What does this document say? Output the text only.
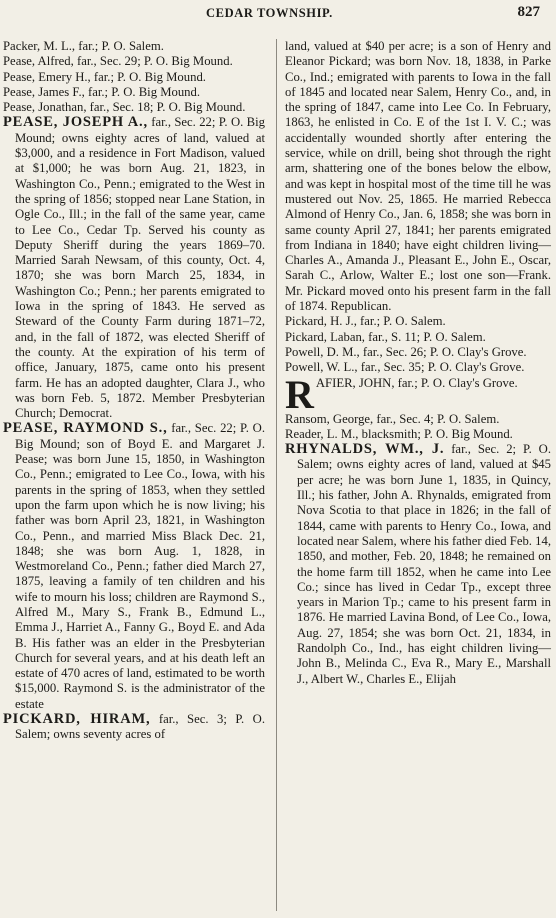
CEDAR TOWNSHIP.	827
Packer, M. L., far.; P. O. Salem.
Pease, Alfred, far., Sec. 29; P. O. Big Mound.
Pease, Emery H., far.; P. O. Big Mound.
Pease, James F., far.; P. O. Big Mound.
Pease, Jonathan, far., Sec. 18; P. O. Big Mound.
PEASE, JOSEPH A., far., Sec. 22; P. O. Big Mound; owns eighty acres of land, valued at $3,000, and a residence in Fort Madison, valued at $1,000; he was born Aug. 21, 1823, in Washington Co., Penn.; emigrated to the West in the spring of 1856; stopped near Lane Station, in Ogle Co., Ill.; in the fall of the same year, came to Lee Co., Cedar Tp. Served his county as Deputy Sheriff during the years 1869–70. Married Sarah Newsam, of this county, Oct. 4, 1870; she was born March 25, 1834, in Washington Co.; Penn.; her parents emigrated to Iowa in the spring of 1843. He served as Steward of the County Farm during 1871–72, and, in the fall of 1872, was elected Sheriff of the county. At the expiration of his term of office, January, 1875, came onto his present farm. He has an adopted daughter, Clara J., who was born Feb. 5, 1872. Member Presbyterian Church; Democrat.
PEASE, RAYMOND S., far., Sec. 22; P. O. Big Mound; son of Boyd E. and Margaret J. Pease; was born June 15, 1850, in Washington Co., Penn.; emigrated to Lee Co., Iowa, with his parents in the spring of 1853, when they settled upon the farm upon which he is now living; his father was born April 23, 1821, in Washington Co., Penn., and married Miss Black Dec. 21, 1848; she was born Aug. 1, 1828, in Westmoreland Co., Penn.; father died March 27, 1875, leaving a family of ten children and his wife to mourn his loss; children are Raymond S., Alfred M., Mary S., Frank B., Edmund L., Emma J., Harriet A., Fanny G., Boyd E. and Ada B. His father was an elder in the Presbyterian Church for several years, and at his death left an estate of 470 acres of land, estimated to be worth $15,000. Raymond S. is the administrator of the estate
PICKARD, HIRAM, far., Sec. 3; P. O. Salem; owns seventy acres of
land, valued at $40 per acre; is a son of Henry and Eleanor Pickard; was born Nov. 18, 1838, in Parke Co., Ind.; emigrated with parents to Iowa in the fall of 1845 and located near Salem, Henry Co., and, in the spring of 1847, came into Lee Co. In February, 1863, he enlisted in Co. E of the 1st I. V. C.; was accidentally wounded shortly after entering the service, while on drill, being shot through the right arm, shattering one of the bones below the elbow, and was kept in hospital most of the time till he was mustered out Nov. 25, 1865. He married Rebecca Almond of Henry Co., Jan. 6, 1858; she was born in same county April 27, 1841; her parents emigrated from Indiana in 1840; have eight children living—Charles A., Amanda J., Pleasant E., John E., Oscar, Sarah C., Arlow, Walter E.; lost one son—Frank. Mr. Pickard moved onto his present farm in the fall of 1874. Republican.
Pickard, H. J., far.; P. O. Salem.
Pickard, Laban, far., S. 11; P. O. Salem.
Powell, D. M., far., Sec. 26; P. O. Clay's Grove.
Powell, W. L., far., Sec. 35; P. O. Clay's Grove.
RAFIER, JOHN, far.; P. O. Clay's Grove.
Ransom, George, far., Sec. 4; P. O. Salem.
Reader, L. M., blacksmith; P. O. Big Mound.
RHYNALDS, WM., J. far., Sec. 2; P. O. Salem; owns eighty acres of land, valued at $45 per acre; he was born June 1, 1835, in Quincy, Ill.; his father, John A. Rhynalds, emigrated from Nova Scotia to that place in 1826; in the fall of 1844, came with parents to Henry Co., Iowa, and located near Salem, where his father died Feb. 14, 1850, and mother, Feb. 20, 1848; he remained on the home farm till 1852, when he came into Lee Co.; since has lived in Cedar Tp., except three years in Marion Tp.; came to his present farm in 1876. He married Lavina Bond, of Lee Co., Iowa, Aug. 27, 1854; she was born Oct. 21, 1834, in Randolph Co., Ind., has eight children living—John B., Melinda C., Eva R., Mary E., Marshall J., Albert W., Charles E., Elijah
